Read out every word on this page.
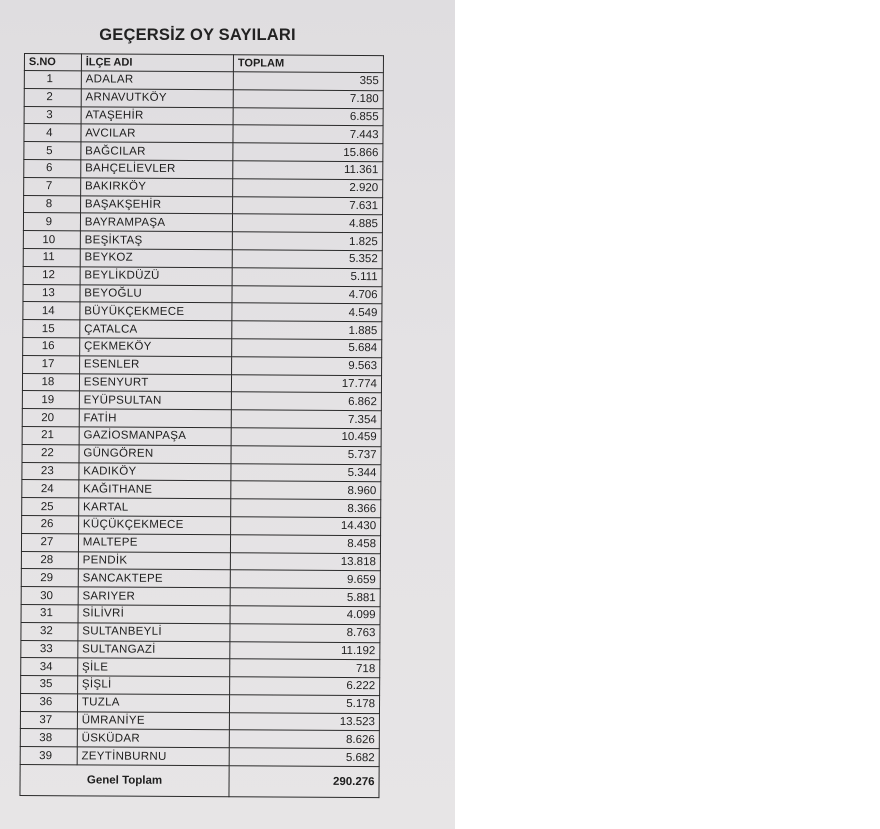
GEÇERSİZ OY SAYILARI
S.NO	İLÇE ADI	TOPLAM
1	ADALAR	355
2	ARNAVUTKÖY	7.180
3	ATAŞEHİR	6.855
4	AVCILAR	7.443
5	BAĞCILAR	15.866
6	BAHÇELİEVLER	11.361
7	BAKIRKÖY	2.920
8	BAŞAKŞEHİR	7.631
9	BAYRAMPAŞA	4.885
10	BEŞİKTAŞ	1.825
11	BEYKOZ	5.352
12	BEYLİKDÜZÜ	5.111
13	BEYOĞLU	4.706
14	BÜYÜKÇEKMECE	4.549
15	ÇATALCA	1.885
16	ÇEKMEKÖY	5.684
17	ESENLER	9.563
18	ESENYURT	17.774
19	EYÜPSULTAN	6.862
20	FATİH	7.354
21	GAZİOSMANPAŞA	10.459
22	GÜNGÖREN	5.737
23	KADIKÖY	5.344
24	KAĞITHANE	8.960
25	KARTAL	8.366
26	KÜÇÜKÇEKMECE	14.430
27	MALTEPE	8.458
28	PENDİK	13.818
29	SANCAKTEPE	9.659
30	SARIYER	5.881
31	SİLİVRİ	4.099
32	SULTANBEYLİ	8.763
33	SULTANGAZİ	11.192
34	ŞİLE	718
35	ŞİŞLİ	6.222
36	TUZLA	5.178
37	ÜMRANİYE	13.523
38	ÜSKÜDAR	8.626
39	ZEYTİNBURNU	5.682
Genel Toplam		290.276
